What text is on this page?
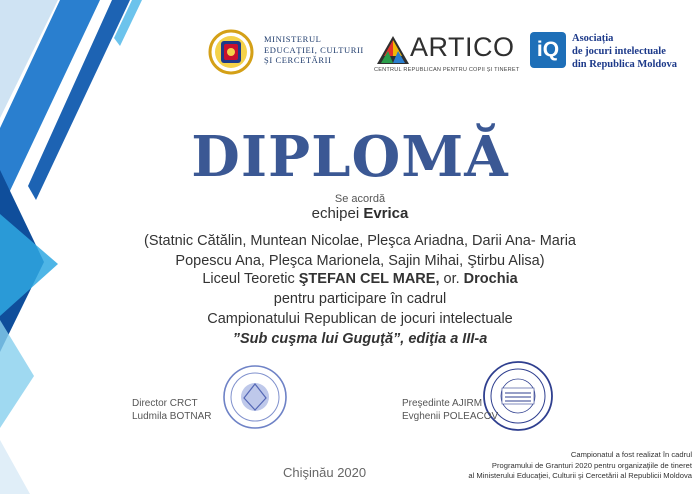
MINISTERUL
EDUCAȚIEI, CULTURII
ȘI CERCETĂRII	ARTICO
CENTRUL REPUBLICAN PENTRU COPII ȘI TINERET
iQ	Asociația
de jocuri intelectuale
din Republica Moldova
DIPLOMĂ
Se acordă
echipei Evrica
(Statnic Cătălin, Muntean Nicolae, Pleşca Ariadna, Darii Ana- Maria
Popescu Ana, Pleşca Marionela, Sajin Mihai, Ştirbu Alisa)
Liceul Teoretic ŞTEFAN CEL MARE, or. Drochia
pentru participare în cadrul
Campionatului Republican de jocuri intelectuale
”Sub cuşma lui Guguţă”, ediţia a III-a
Director CRCT
Ludmila BOTNAR
Preşedinte AJIRM
Evghenii POLEACOV
Chişinău 2020
Campionatul a fost realizat în cadrul
Programului de Granturi 2020 pentru organizaţiile de tineret
al Ministerului Educaţiei, Culturii şi Cercetării al Republicii Moldova
